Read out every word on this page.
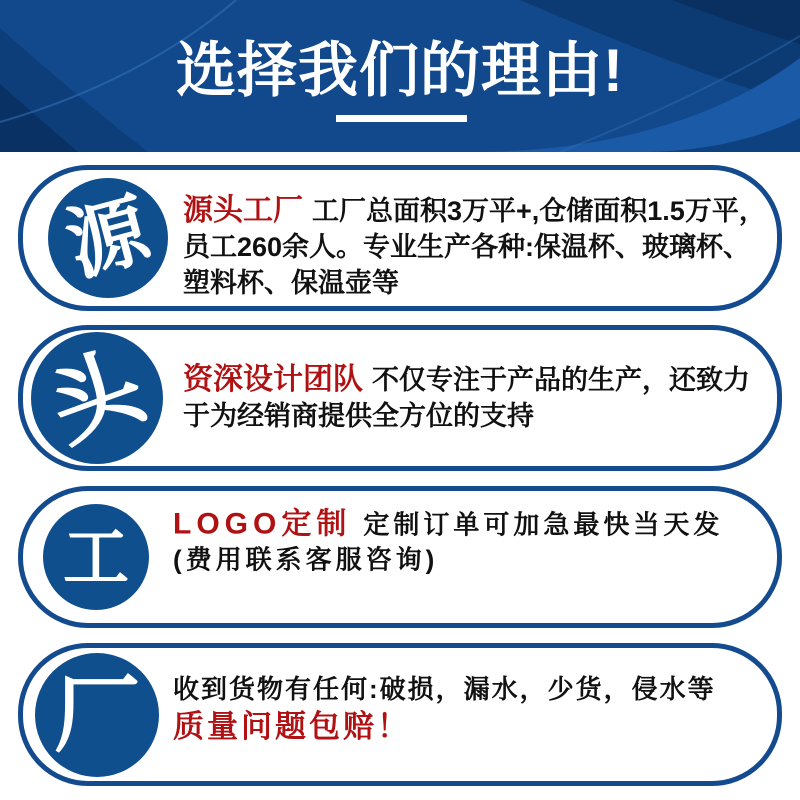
选择我们的理由!
源 源头工厂 工厂总面积3万平+,仓储面积1.5万平，

员工260余人。专业生产各种:保温杯、玻璃杯、

塑料杯、保温壶等

头 资深设计团队 不仅专注于产品的生产，还致力

于为经销商提供全方位的支持

工 LOGO定制 定制订单可加急最快当天发

(费用联系客服咨询)

厂 收到货物有任何:破损，漏水，少货，侵水等

质量问题包赔！
